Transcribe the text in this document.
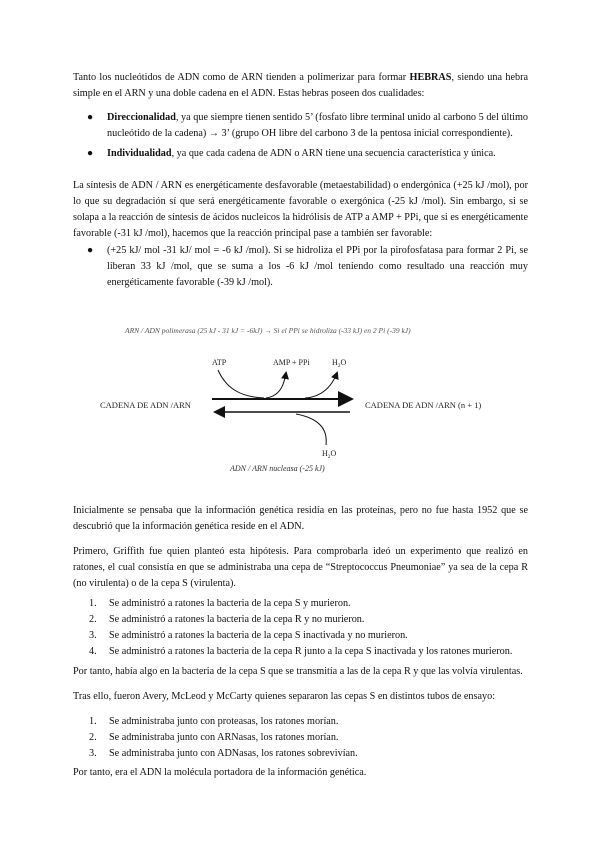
Tanto los nucleótidos de ADN como de ARN tienden a polimerizar para formar HEBRAS, siendo una hebra simple en el ARN y una doble cadena en el ADN. Estas hebras poseen dos cualidades:

● Direccionalidad, ya que siempre tienen sentido 5’ (fosfato libre terminal unido al carbono 5 del último nucleótido de la cadena) → 3’ (grupo OH libre del carbono 3 de la pentosa inicial correspondiente).
● Individualidad, ya que cada cadena de ADN o ARN tiene una secuencia característica y única.

La síntesis de ADN / ARN es energéticamente desfavorable (metaestabilidad) o endergónica (+25 kJ /mol), por lo que su degradación sí que será energéticamente favorable o exergónica (-25 kJ /mol). Sin embargo, si se solapa a la reacción de síntesis de ácidos nucleicos la hidrólisis de ATP a AMP + PPi, que si es energéticamente favorable (-31 kJ /mol), hacemos que la reacción principal pase a también ser favorable:

● (+25 kJ/ mol -31 kJ/ mol = -6 kJ /mol). Si se hidroliza el PPi por la pirofosfatasa para formar 2 Pi, se liberan 33 kJ /mol, que se suma a los -6 kJ /mol teniendo como resultado una reacción muy energéticamente favorable (-39 kJ /mol).
ARN / ADN polimerasa (25 kJ - 31 kJ = -6kJ) → Si el PPi se hidroliza (-33 kJ) en 2 Pi (-39 kJ)
ATP	AMP + PPi	$H_2O$
CADENA DE ADN /ARN	CADENA DE ADN /ARN (n + 1)
$H_2O$
ADN / ARN nucleasa (-25 kJ)

Inicialmente se pensaba que la información genética residía en las proteínas, pero no fue hasta 1952 que se descubrió que la información genética reside en el ADN.

Primero, Griffith fue quien planteó esta hipótesis. Para comprobarla ideó un experimento que realizó en ratones, el cual consistía en que se administraba una cepa de “Streptococcus Pneumoniae” ya sea de la cepa R (no virulenta) o de la cepa S (virulenta).

1. Se administró a ratones la bacteria de la cepa S y murieron.
2. Se administró a ratones la bacteria de la cepa R y no murieron.
3. Se administró a ratones la bacteria de la cepa S inactivada y no murieron.
4. Se administró a ratones la bacteria de la cepa R junto a la cepa S inactivada y los ratones murieron.

Por tanto, había algo en la bacteria de la cepa S que se transmitía a las de la cepa R y que las volvía virulentas.

Tras ello, fueron Avery, McLeod y McCarty quienes separaron las cepas S en distintos tubos de ensayo:

1. Se administraba junto con proteasas, los ratones morían.
2. Se administraba junto con ARNasas, los ratones morían.
3. Se administraba junto con ADNasas, los ratones sobrevivían.

Por tanto, era el ADN la molécula portadora de la información genética.
